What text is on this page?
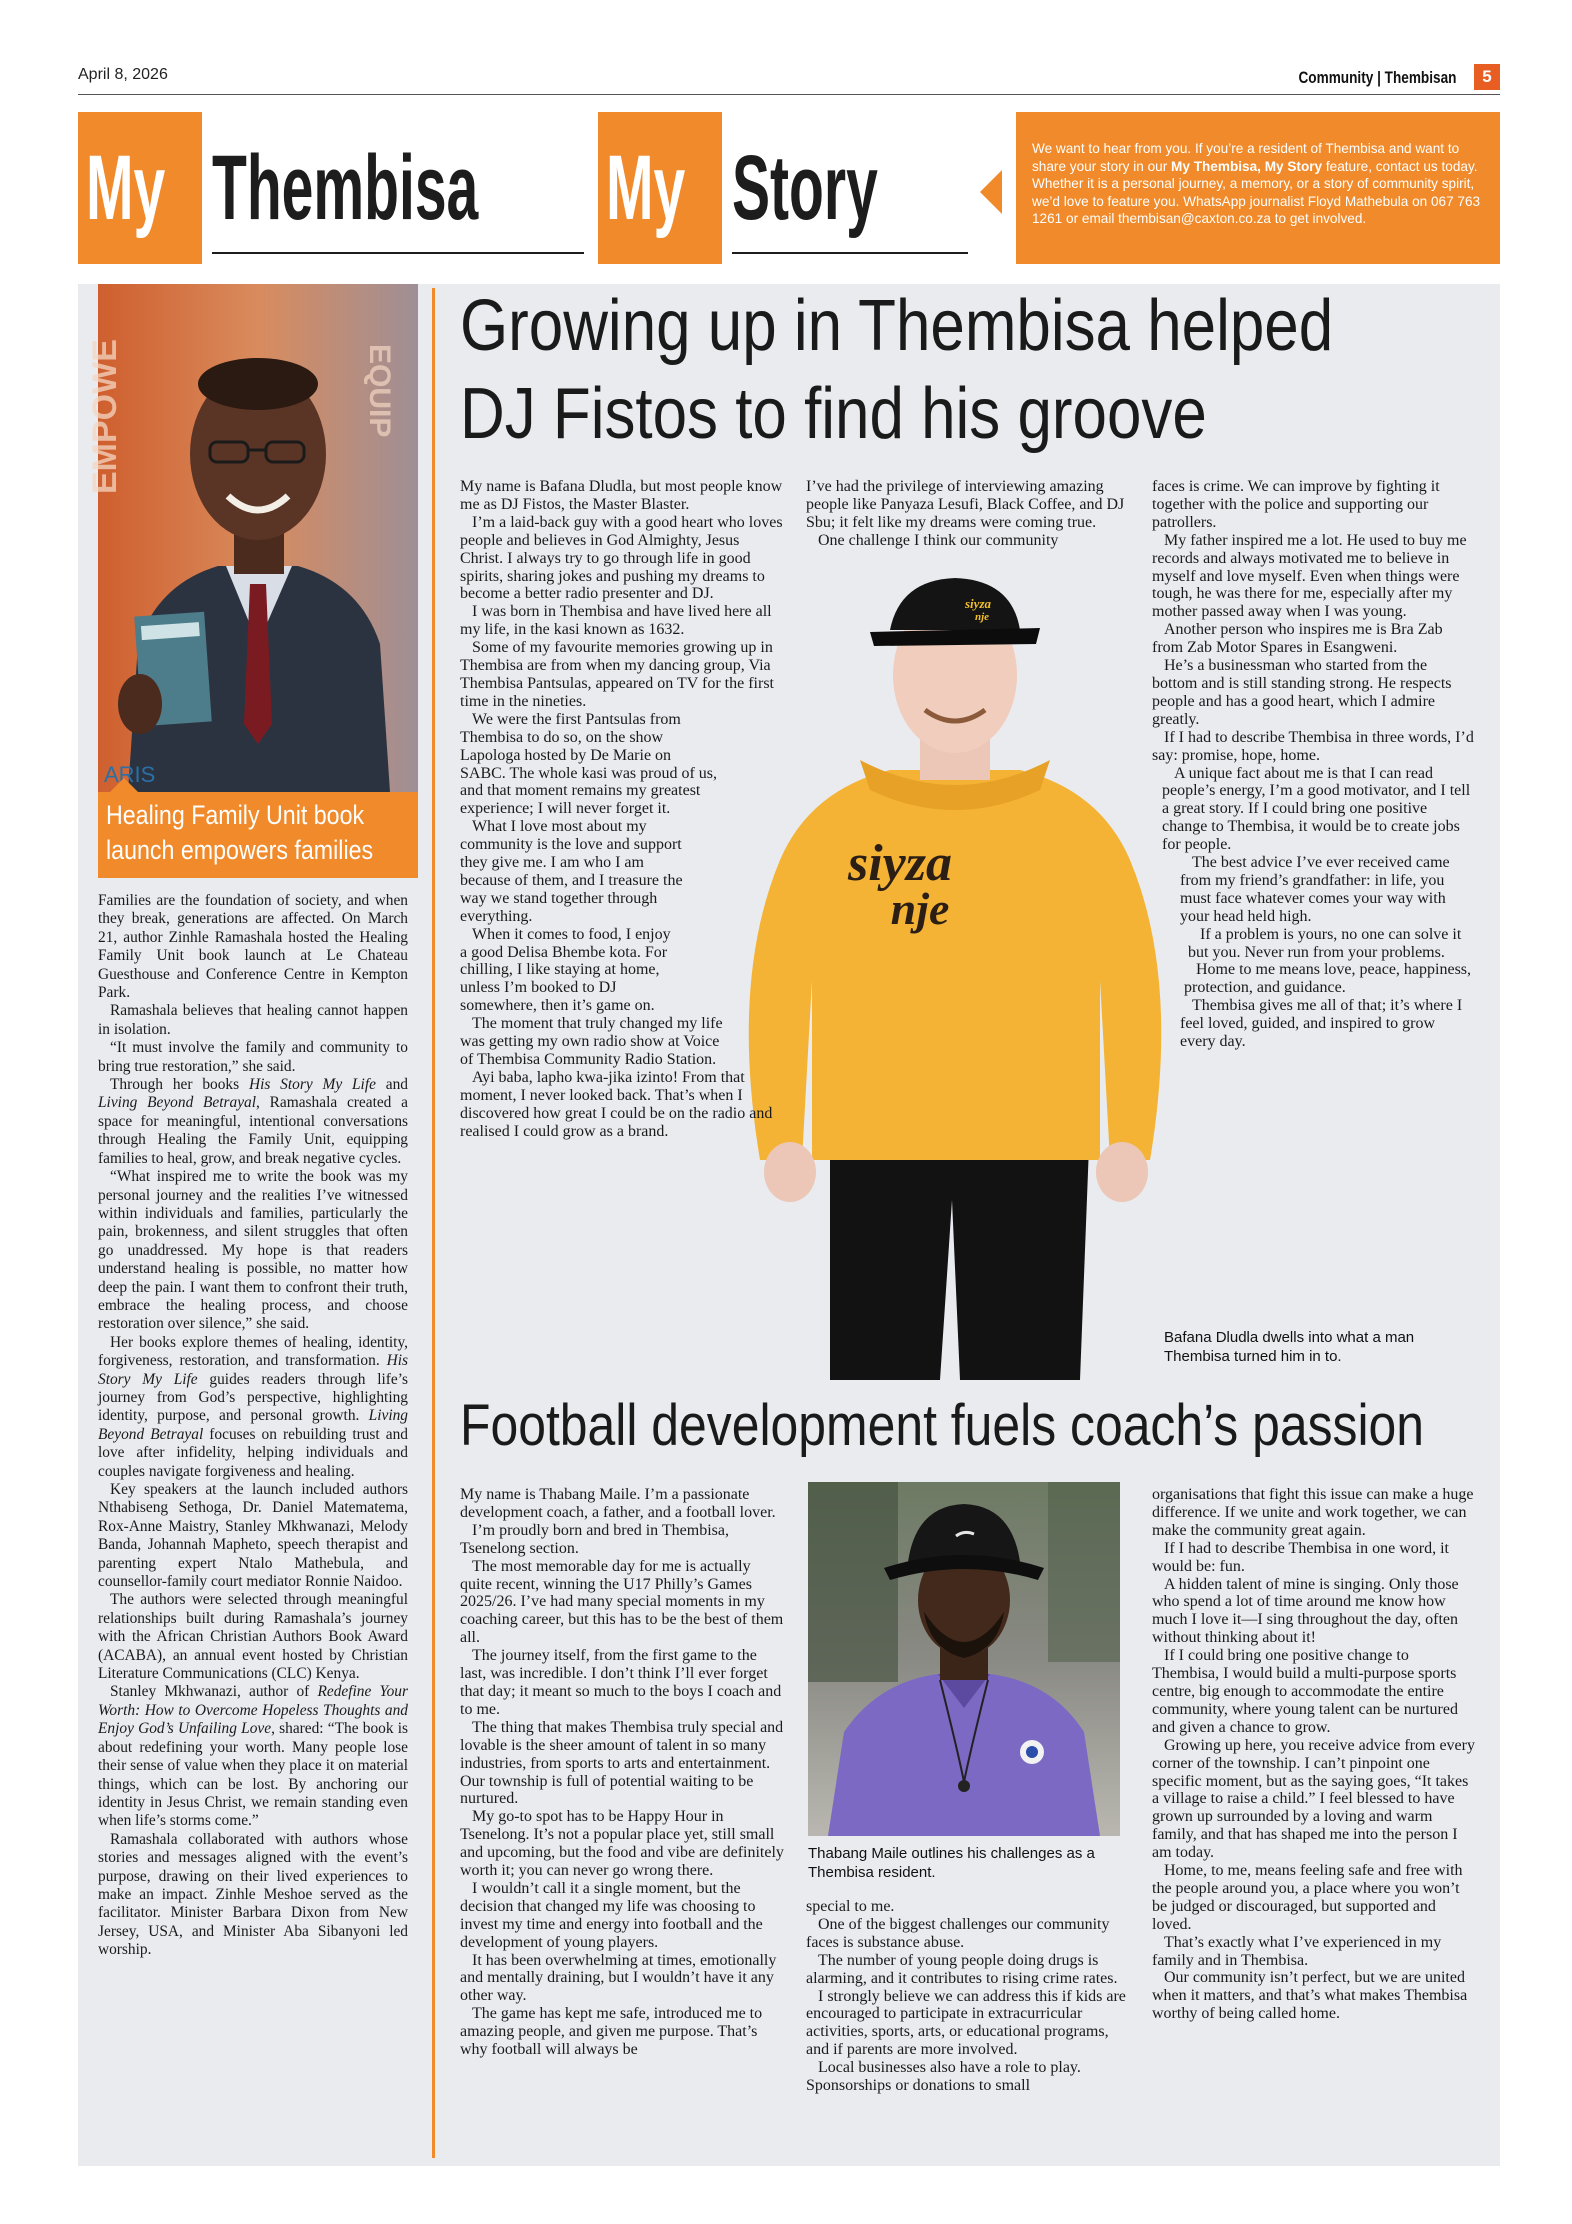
April 8, 2026	Community | Thembisan	5
My Thembisa	My Story	We want to hear from you. If you’re a resident of Thembisa and want to share your story in our My Thembisa, My Story feature, contact us today. Whether it is a personal journey, a memory, or a story of community spirit, we’d love to feature you. WhatsApp journalist Floyd Mathebula on 067 763 1261 or email thembisan@caxton.co.za to get involved.
EMPOWE	EQUIP
ARIS
Healing Family Unit book
launch empowers families

Families are the foundation of society, and when they break, generations are affected. On March 21, author Zinhle Ramashala hosted the Healing Family Unit book launch at Le Chateau Guesthouse and Conference Centre in Kempton Park.

Ramashala believes that healing cannot happen in isolation.

“It must involve the family and community to bring true restoration,” she said.

Through her books His Story My Life and Living Beyond Betrayal, Ramashala created a space for meaningful, intentional conversations through Healing the Family Unit, equipping families to heal, grow, and break negative cycles.

“What inspired me to write the book was my personal journey and the realities I’ve witnessed within individuals and families, particularly the pain, brokenness, and silent struggles that often go unaddressed. My hope is that readers understand healing is possible, no matter how deep the pain. I want them to confront their truth, embrace the healing process, and choose restoration over silence,” she said.

Her books explore themes of healing, identity, forgiveness, restoration, and transformation. His Story My Life guides readers through life’s journey from God’s perspective, highlighting identity, purpose, and personal growth. Living Beyond Betrayal focuses on rebuilding trust and love after infidelity, helping individuals and couples navigate forgiveness and healing.

Key speakers at the launch included authors Nthabiseng Sethoga, Dr. Daniel Matematema, Rox-Anne Maistry, Stanley Mkhwanazi, Melody Banda, Johannah Mapheto, speech therapist and parenting expert Ntalo Mathebula, and counsellor-family court mediator Ronnie Naidoo.

The authors were selected through meaningful relationships built during Ramashala’s journey with the African Christian Authors Book Award (ACABA), an annual event hosted by Christian Literature Communications (CLC) Kenya.

Stanley Mkhwanazi, author of Redefine Your Worth: How to Overcome Hopeless Thoughts and Enjoy God’s Unfailing Love, shared: “The book is about redefining your worth. Many people lose their sense of value when they place it on material things, which can be lost. By anchoring our identity in Jesus Christ, we remain standing even when life’s storms come.”

Ramashala collaborated with authors whose stories and messages aligned with the event’s purpose, drawing on their lived experiences to make an impact. Zinhle Meshoe served as the facilitator. Minister Barbara Dixon from New Jersey, USA, and Minister Aba Sibanyoni led worship.

Growing up in Thembisa helped
DJ Fistos to find his groove
siyza
nje
siyza
nje

My name is Bafana Dludla, but most people know me as DJ Fistos, the Master Blaster.

I’m a laid-back guy with a good heart who loves people and believes in God Almighty, Jesus Christ. I always try to go through life in good spirits, sharing jokes and pushing my dreams to become a better radio presenter and DJ.

I was born in Thembisa and have lived here all my life, in the kasi known as 1632.

Some of my favourite memories growing up in Thembisa are from when my dancing group, Via Thembisa Pantsulas, appeared on TV for the first time in the nineties.

We were the first Pantsulas from Thembisa to do so, on the show Lapologa hosted by De Marie on SABC. The whole kasi was proud of us, and that moment remains my greatest experience; I will never forget it.

What I love most about my community is the love and support they give me. I am who I am because of them, and I treasure the way we stand together through everything.

When it comes to food, I enjoy a good Delisa Bhembe kota. For chilling, I like staying at home, unless I’m booked to DJ somewhere, then it’s game on.

The moment that truly changed my life was getting my own radio show at Voice of Thembisa Community Radio Station.

Ayi baba, lapho kwa-jika izinto! From that moment, I never looked back. That’s when I discovered how great I could be on the radio and realised I could grow as a brand.

I’ve had the privilege of interviewing amazing people like Panyaza Lesufi, Black Coffee, and DJ Sbu; it felt like my dreams were coming true.

One challenge I think our community

faces is crime. We can improve by fighting it together with the police and supporting our patrollers.

My father inspired me a lot. He used to buy me records and always motivated me to believe in myself and love myself. Even when things were tough, he was there for me, especially after my mother passed away when I was young.

Another person who inspires me is Bra Zab from Zab Motor Spares in Esangweni.

He’s a businessman who started from the bottom and is still standing strong. He respects people and has a good heart, which I admire greatly.

If I had to describe Thembisa in three words, I’d say: promise, hope, home.

A unique fact about me is that I can read people’s energy, I’m a good motivator, and I tell a great story. If I could bring one positive change to Thembisa, it would be to create jobs for people.

The best advice I’ve ever received came from my friend’s grandfather: in life, you must face whatever comes your way with your head held high.

If a problem is yours, no one can solve it but you. Never run from your problems.

Home to me means love, peace, happiness, protection, and guidance.

Thembisa gives me all of that; it’s where I feel loved, guided, and inspired to grow every day.

Bafana Dludla dwells into what a man Thembisa turned him in to.
Football development fuels coach’s passion
Thabang Maile outlines his challenges as a Thembisa resident.

My name is Thabang Maile. I’m a passionate development coach, a father, and a football lover.

I’m proudly born and bred in Thembisa, Tsenelong section.

The most memorable day for me is actually quite recent, winning the U17 Philly’s Games 2025/26. I’ve had many special moments in my coaching career, but this has to be the best of them all.

The journey itself, from the first game to the last, was incredible. I don’t think I’ll ever forget that day; it meant so much to the boys I coach and to me.

The thing that makes Thembisa truly special and lovable is the sheer amount of talent in so many industries, from sports to arts and entertainment. Our township is full of potential waiting to be nurtured.

My go-to spot has to be Happy Hour in Tsenelong. It’s not a popular place yet, still small and upcoming, but the food and vibe are definitely worth it; you can never go wrong there.

I wouldn’t call it a single moment, but the decision that changed my life was choosing to invest my time and energy into football and the development of young players.

It has been overwhelming at times, emotionally and mentally draining, but I wouldn’t have it any other way.

The game has kept me safe, introduced me to amazing people, and given me purpose. That’s why football will always be

special to me.

One of the biggest challenges our community faces is substance abuse.

The number of young people doing drugs is alarming, and it contributes to rising crime rates.

I strongly believe we can address this if kids are encouraged to participate in extracurricular activities, sports, arts, or educational programs, and if parents are more involved.

Local businesses also have a role to play. Sponsorships or donations to small

organisations that fight this issue can make a huge difference. If we unite and work together, we can make the community great again.

If I had to describe Thembisa in one word, it would be: fun.

A hidden talent of mine is singing. Only those who spend a lot of time around me know how much I love it—I sing throughout the day, often without thinking about it!

If I could bring one positive change to Thembisa, I would build a multi-purpose sports centre, big enough to accommodate the entire community, where young talent can be nurtured and given a chance to grow.

Growing up here, you receive advice from every corner of the township. I can’t pinpoint one specific moment, but as the saying goes, “It takes a village to raise a child.” I feel blessed to have grown up surrounded by a loving and warm family, and that has shaped me into the person I am today.

Home, to me, means feeling safe and free with the people around you, a place where you won’t be judged or discouraged, but supported and loved.

That’s exactly what I’ve experienced in my family and in Thembisa.

Our community isn’t perfect, but we are united when it matters, and that’s what makes Thembisa worthy of being called home.
